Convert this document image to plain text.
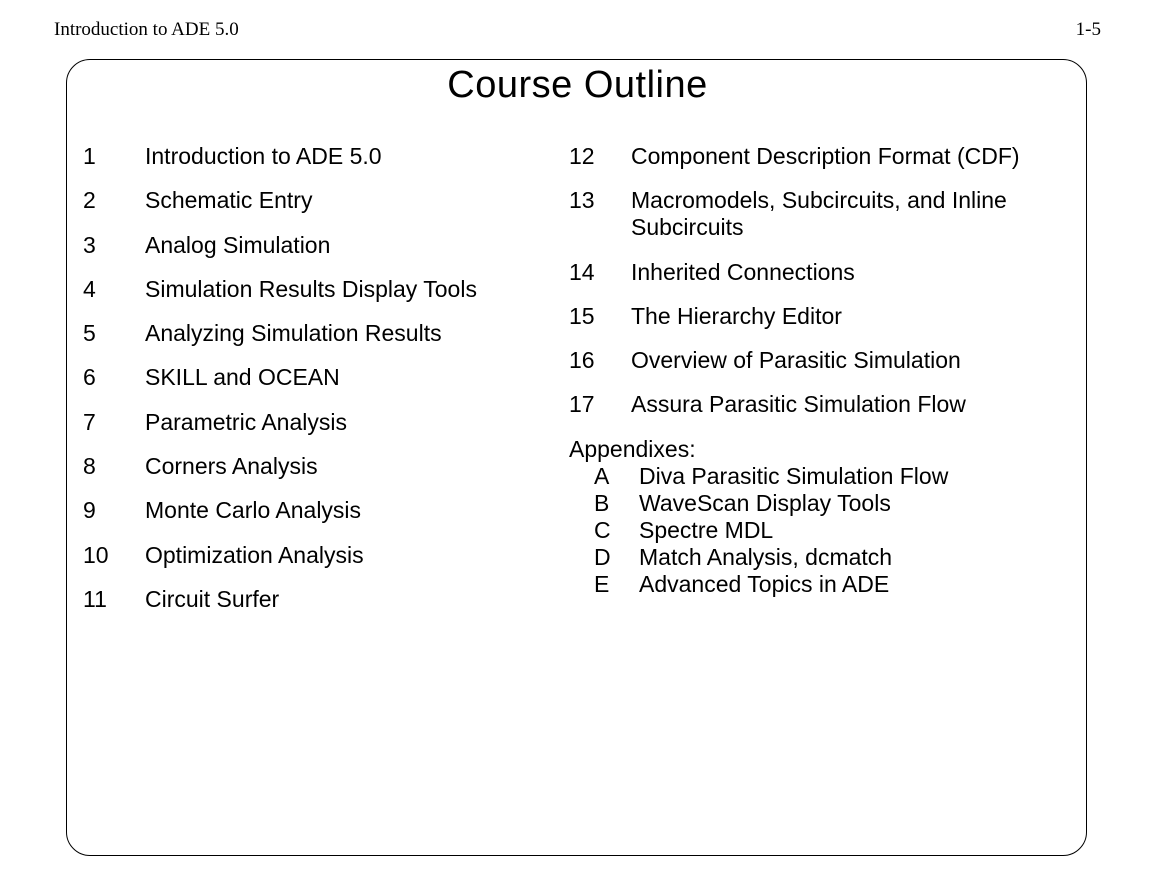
Introduction to ADE 5.0	1-5
Course Outline
1	Introduction to ADE 5.0
2	Schematic Entry
3	Analog Simulation
4	Simulation Results Display Tools
5	Analyzing Simulation Results
6	SKILL and OCEAN
7	Parametric Analysis
8	Corners Analysis
9	Monte Carlo Analysis
10	Optimization Analysis
11	Circuit Surfer
12	Component Description Format (CDF)
13	Macromodels, Subcircuits, and Inline Subcircuits
14	Inherited Connections
15	The Hierarchy Editor
16	Overview of Parasitic Simulation
17	Assura Parasitic Simulation Flow
Appendixes:
A	Diva Parasitic Simulation Flow
B	WaveScan Display Tools
C	Spectre MDL
D	Match Analysis, dcmatch
E	Advanced Topics in ADE
